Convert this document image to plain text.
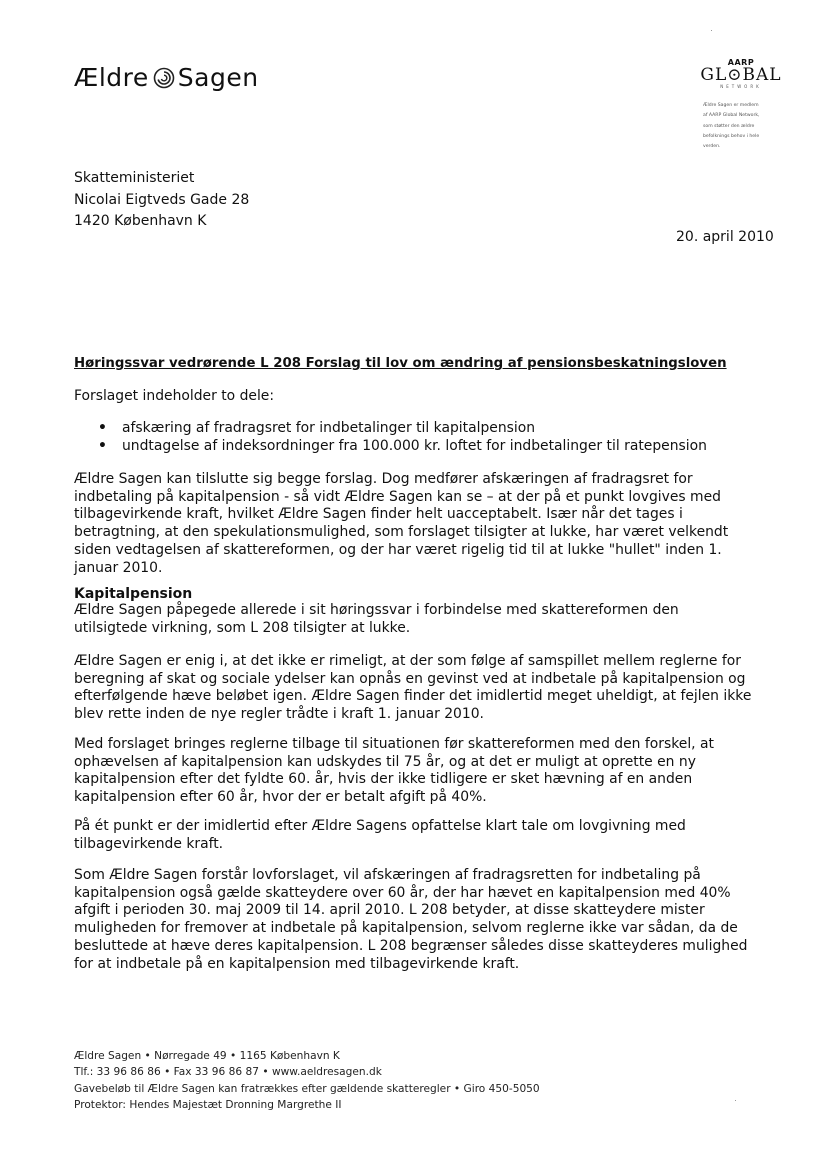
Ældre Sagen
AARP
GL⊙BAL
NETWORK
Ældre Sagen er medlem
af AARP Global Network,
som støtter den ældre
befolknings behov i hele
verden.
Skatteministeriet
Nicolai Eigtveds Gade 28
1420 København K
20. april 2010
Høringssvar vedrørende L 208 Forslag til lov om ændring af pensionsbeskatningsloven

Forslaget indeholder to dele:

• afskæring af fradragsret for indbetalinger til kapitalpension
• undtagelse af indeksordninger fra 100.000 kr. loftet for indbetalinger til ratepension

Ældre Sagen kan tilslutte sig begge forslag. Dog medfører afskæringen af fradragsret for

indbetaling på kapitalpension - så vidt Ældre Sagen kan se – at der på et punkt lovgives med

tilbagevirkende kraft, hvilket Ældre Sagen finder helt uacceptabelt. Især når det tages i

betragtning, at den spekulationsmulighed, som forslaget tilsigter at lukke, har været velkendt

siden vedtagelsen af skattereformen, og der har været rigelig tid til at lukke "hullet" inden 1.

januar 2010.

Kapitalpension

Ældre Sagen påpegede allerede i sit høringssvar i forbindelse med skattereformen den

utilsigtede virkning, som L 208 tilsigter at lukke.

Ældre Sagen er enig i, at det ikke er rimeligt, at der som følge af samspillet mellem reglerne for

beregning af skat og sociale ydelser kan opnås en gevinst ved at indbetale på kapitalpension og

efterfølgende hæve beløbet igen. Ældre Sagen finder det imidlertid meget uheldigt, at fejlen ikke

blev rette inden de nye regler trådte i kraft 1. januar 2010.

Med forslaget bringes reglerne tilbage til situationen før skattereformen med den forskel, at

ophævelsen af kapitalpension kan udskydes til 75 år, og at det er muligt at oprette en ny

kapitalpension efter det fyldte 60. år, hvis der ikke tidligere er sket hævning af en anden

kapitalpension efter 60 år, hvor der er betalt afgift på 40%.

På ét punkt er der imidlertid efter Ældre Sagens opfattelse klart tale om lovgivning med

tilbagevirkende kraft.

Som Ældre Sagen forstår lovforslaget, vil afskæringen af fradragsretten for indbetaling på

kapitalpension også gælde skatteydere over 60 år, der har hævet en kapitalpension med 40%

afgift i perioden 30. maj 2009 til 14. april 2010. L 208 betyder, at disse skatteydere mister

muligheden for fremover at indbetale på kapitalpension, selvom reglerne ikke var sådan, da de

besluttede at hæve deres kapitalpension. L 208 begrænser således disse skatteyderes mulighed

for at indbetale på en kapitalpension med tilbagevirkende kraft.

Ældre Sagen • Nørregade 49 • 1165 København K
Tlf.: 33 96 86 86 • Fax 33 96 86 87 • www.aeldresagen.dk
Gavebeløb til Ældre Sagen kan fratrækkes efter gældende skatteregler • Giro 450-5050
Protektor: Hendes Majestæt Dronning Margrethe II
